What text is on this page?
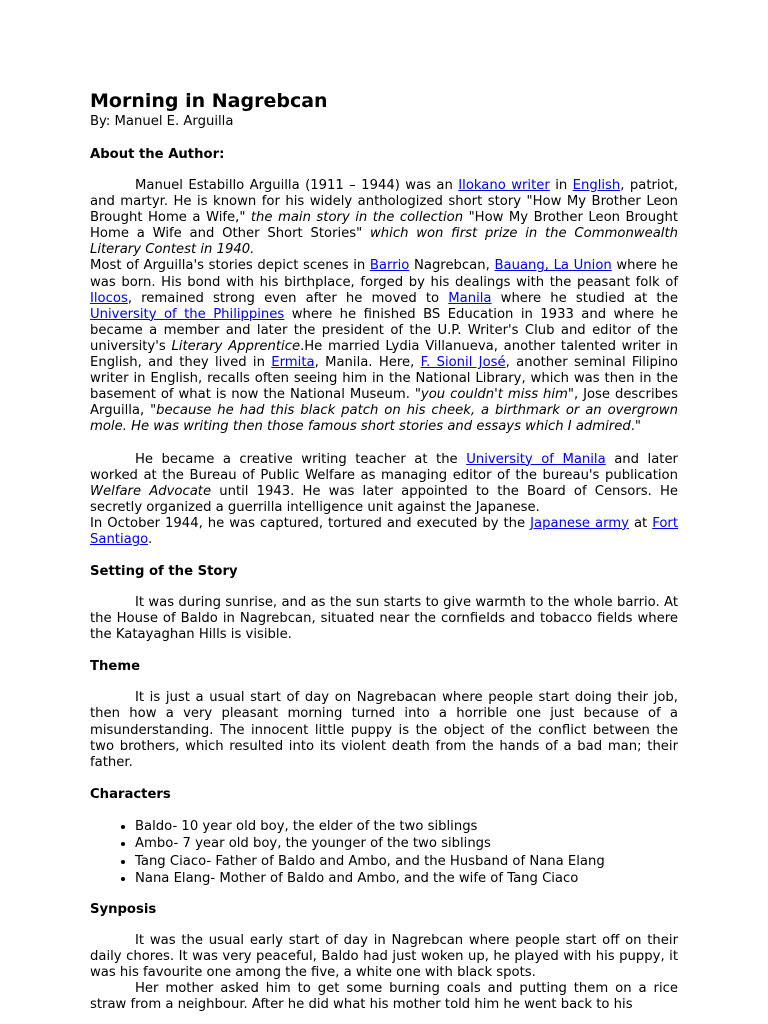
Morning in Nagrebcan
By: Manuel E. Arguilla
About the Author:

Manuel Estabillo Arguilla (1911 – 1944) was an Ilokano writer in English, patriot, and martyr. He is known for his widely anthologized short story "How My Brother Leon Brought Home a Wife," the main story in the collection "How My Brother Leon Brought Home a Wife and Other Short Stories" which won first prize in the Commonwealth Literary Contest in 1940.

Most of Arguilla's stories depict scenes in Barrio Nagrebcan, Bauang, La Union where he was born. His bond with his birthplace, forged by his dealings with the peasant folk of Ilocos, remained strong even after he moved to Manila where he studied at the University of the Philippines where he finished BS Education in 1933 and where he became a member and later the president of the U.P. Writer's Club and editor of the university's Literary Apprentice.He married Lydia Villanueva, another talented writer in English, and they lived in Ermita, Manila. Here, F. Sionil José, another seminal Filipino writer in English, recalls often seeing him in the National Library, which was then in the basement of what is now the National Museum. "you couldn't miss him", Jose describes Arguilla, "because he had this black patch on his cheek, a birthmark or an overgrown mole. He was writing then those famous short stories and essays which I admired."

He became a creative writing teacher at the University of Manila and later worked at the Bureau of Public Welfare as managing editor of the bureau's publication Welfare Advocate until 1943. He was later appointed to the Board of Censors. He secretly organized a guerrilla intelligence unit against the Japanese.

In October 1944, he was captured, tortured and executed by the Japanese army at Fort Santiago.

Setting of the Story

It was during sunrise, and as the sun starts to give warmth to the whole barrio. At the House of Baldo in Nagrebcan, situated near the cornfields and tobacco fields where the Katayaghan Hills is visible.

Theme

It is just a usual start of day on Nagrebacan where people start doing their job, then how a very pleasant morning turned into a horrible one just because of a misunderstanding. The innocent little puppy is the object of the conflict between the two brothers, which resulted into its violent death from the hands of a bad man; their father.

Characters
• Baldo- 10 year old boy, the elder of the two siblings
• Ambo- 7 year old boy, the younger of the two siblings
• Tang Ciaco- Father of Baldo and Ambo, and the Husband of Nana Elang
• Nana Elang- Mother of Baldo and Ambo, and the wife of Tang Ciaco
Synposis

It was the usual early start of day in Nagrebcan where people start off on their daily chores. It was very peaceful, Baldo had just woken up, he played with his puppy, it was his favourite one among the five, a white one with black spots.

Her mother asked him to get some burning coals and putting them on a rice straw from a neighbour. After he did what his mother told him he went back to his
